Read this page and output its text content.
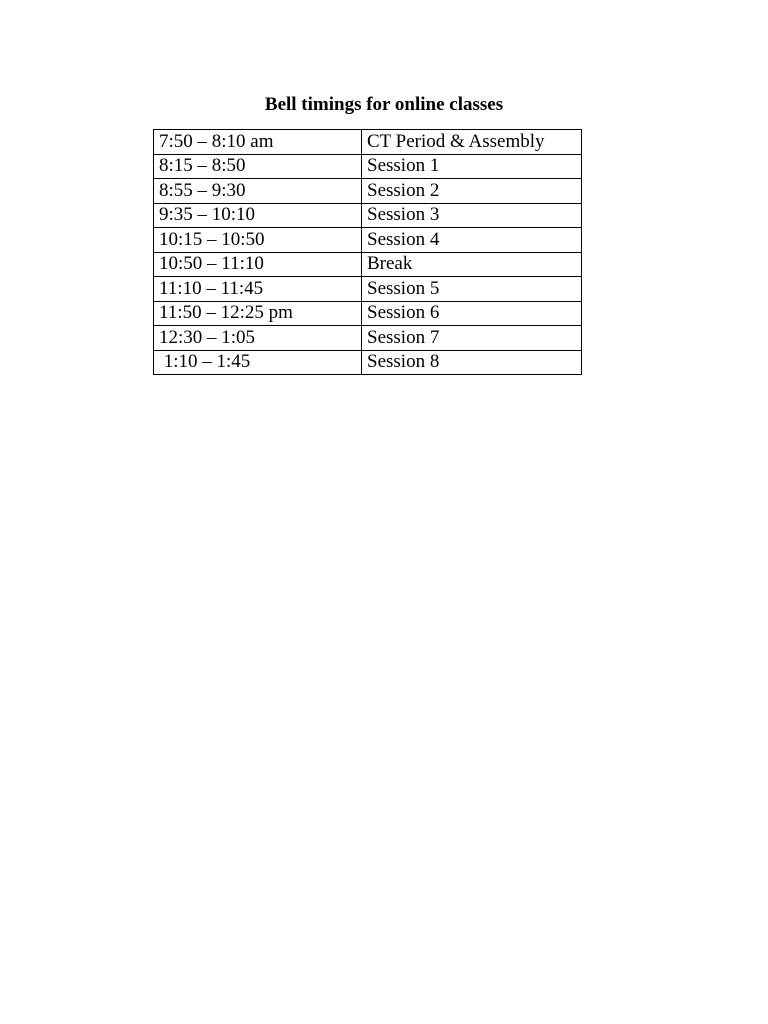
Bell timings for online classes
7:50 – 8:10 am	CT Period & Assembly
8:15 – 8:50	Session 1
8:55 – 9:30	Session 2
9:35 – 10:10	Session 3
10:15 – 10:50	Session 4
10:50 – 11:10	Break
11:10 – 11:45	Session 5
11:50 – 12:25 pm	Session 6
12:30 – 1:05	Session 7
1:10 – 1:45	Session 8
